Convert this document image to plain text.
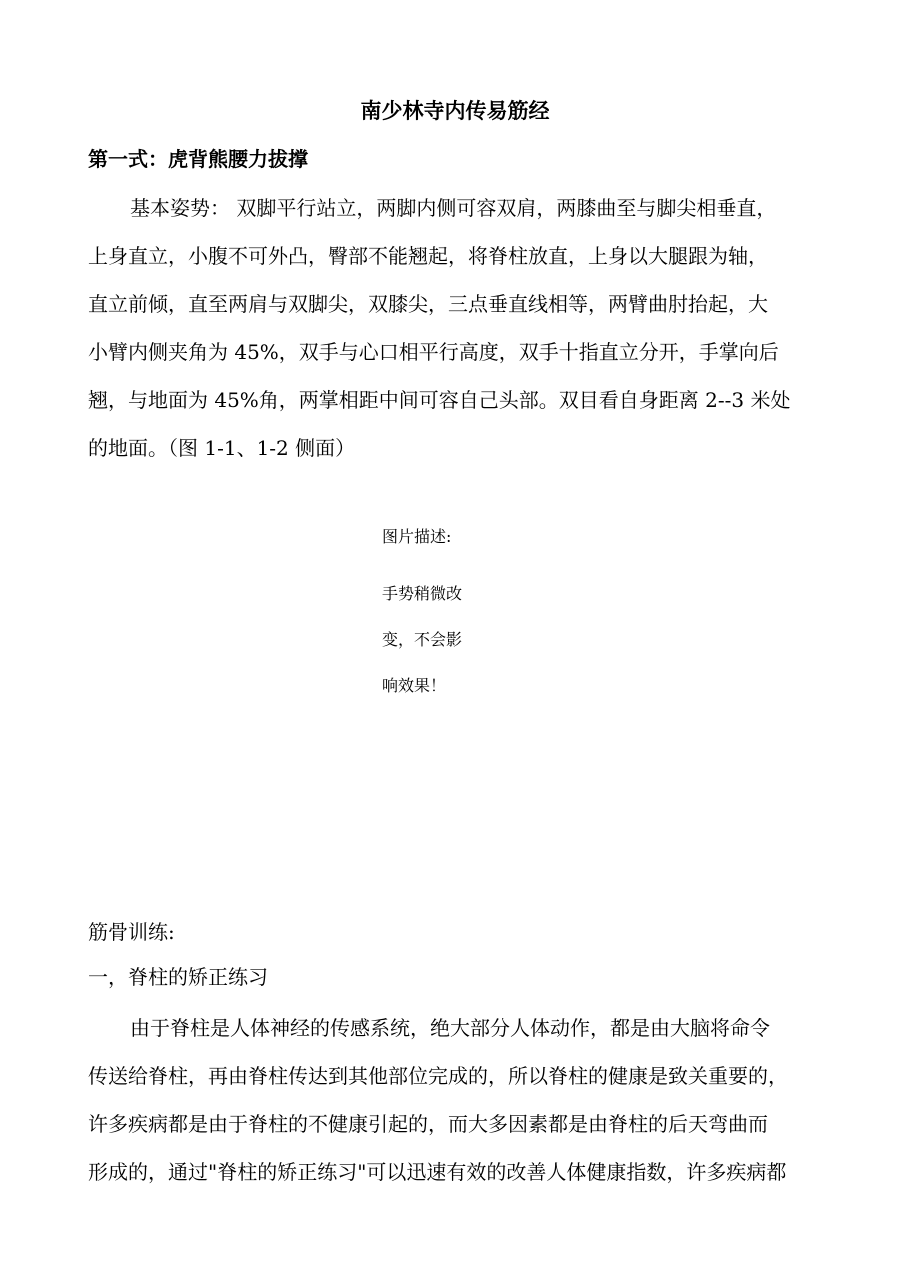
南少林寺内传易筋经
第一式：虎背熊腰力拔撑
基本姿势： 双脚平行站立，两脚内侧可容双肩，两膝曲至与脚尖相垂直，
上身直立，小腹不可外凸，臀部不能翘起，将脊柱放直，上身以大腿跟为轴，
直立前倾，直至两肩与双脚尖，双膝尖，三点垂直线相等，两臂曲肘抬起，大
小臂内侧夹角为 45%，双手与心口相平行高度，双手十指直立分开，手掌向后
翘，与地面为 45%角，两掌相距中间可容自己头部。双目看自身距离 2--3 米处
的地面。（图 1-1、1-2 侧面）
图片描述:
手势稍微改
变，不会影
响效果！
筋骨训练:
一，脊柱的矫正练习
由于脊柱是人体神经的传感系统，绝大部分人体动作，都是由大脑将命令
传送给脊柱，再由脊柱传达到其他部位完成的，所以脊柱的健康是致关重要的，
许多疾病都是由于脊柱的不健康引起的，而大多因素都是由脊柱的后天弯曲而
形成的，通过"脊柱的矫正练习"可以迅速有效的改善人体健康指数，许多疾病都
